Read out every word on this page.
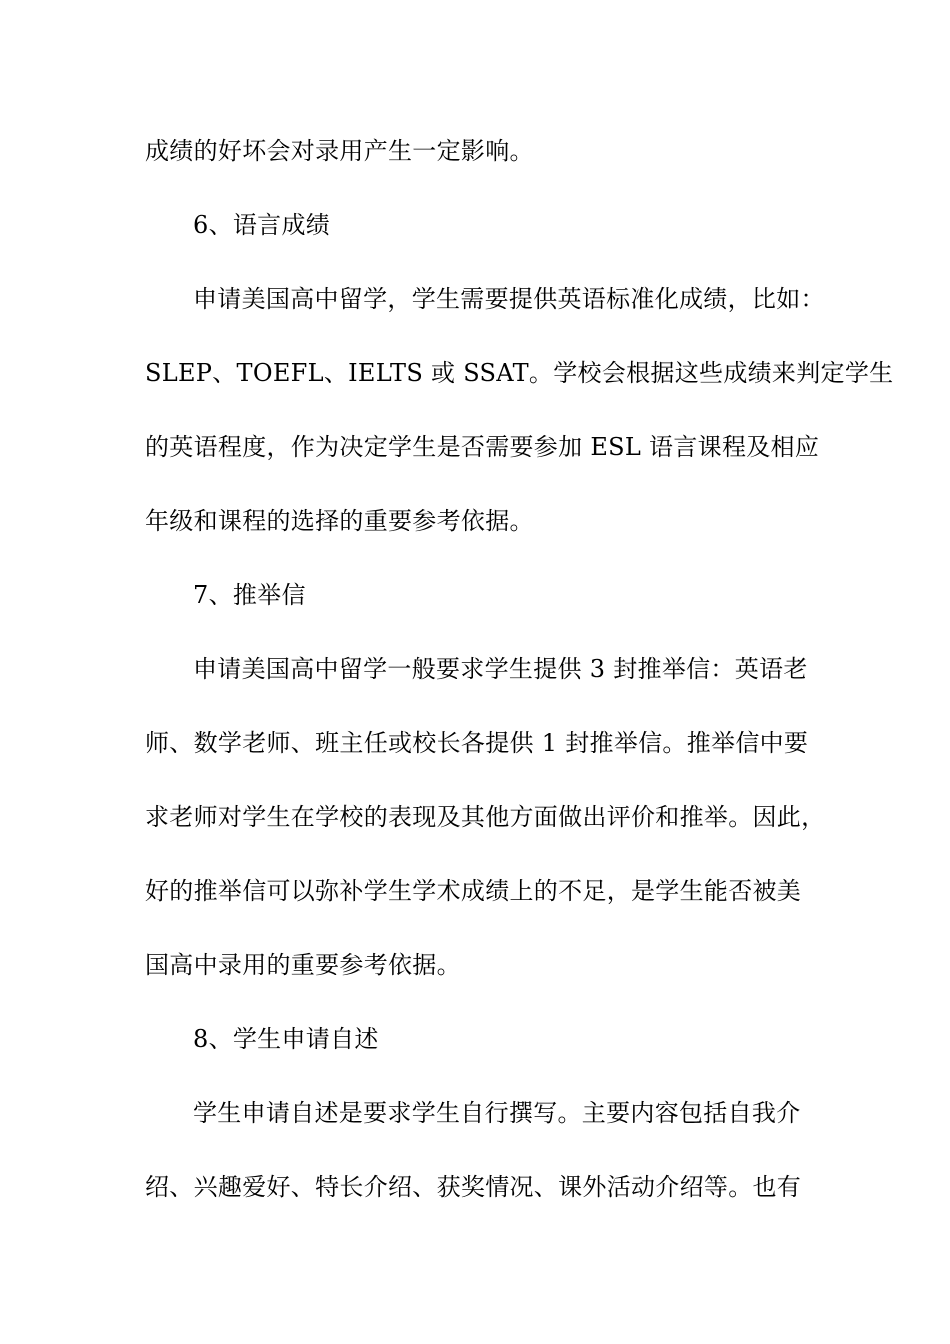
成绩的好坏会对录用产生一定影响。
6、语言成绩
申请美国高中留学，学生需要提供英语标准化成绩，比如：
SLEP、TOEFL、IELTS 或 SSAT。学校会根据这些成绩来判定学生
的英语程度，作为决定学生是否需要参加 ESL 语言课程及相应
年级和课程的选择的重要参考依据。
7、推举信
申请美国高中留学一般要求学生提供 3 封推举信：英语老
师、数学老师、班主任或校长各提供 1 封推举信。推举信中要
求老师对学生在学校的表现及其他方面做出评价和推举。因此，
好的推举信可以弥补学生学术成绩上的不足，是学生能否被美
国高中录用的重要参考依据。
8、学生申请自述
学生申请自述是要求学生自行撰写。主要内容包括自我介
绍、兴趣爱好、特长介绍、获奖情况、课外活动介绍等。也有
